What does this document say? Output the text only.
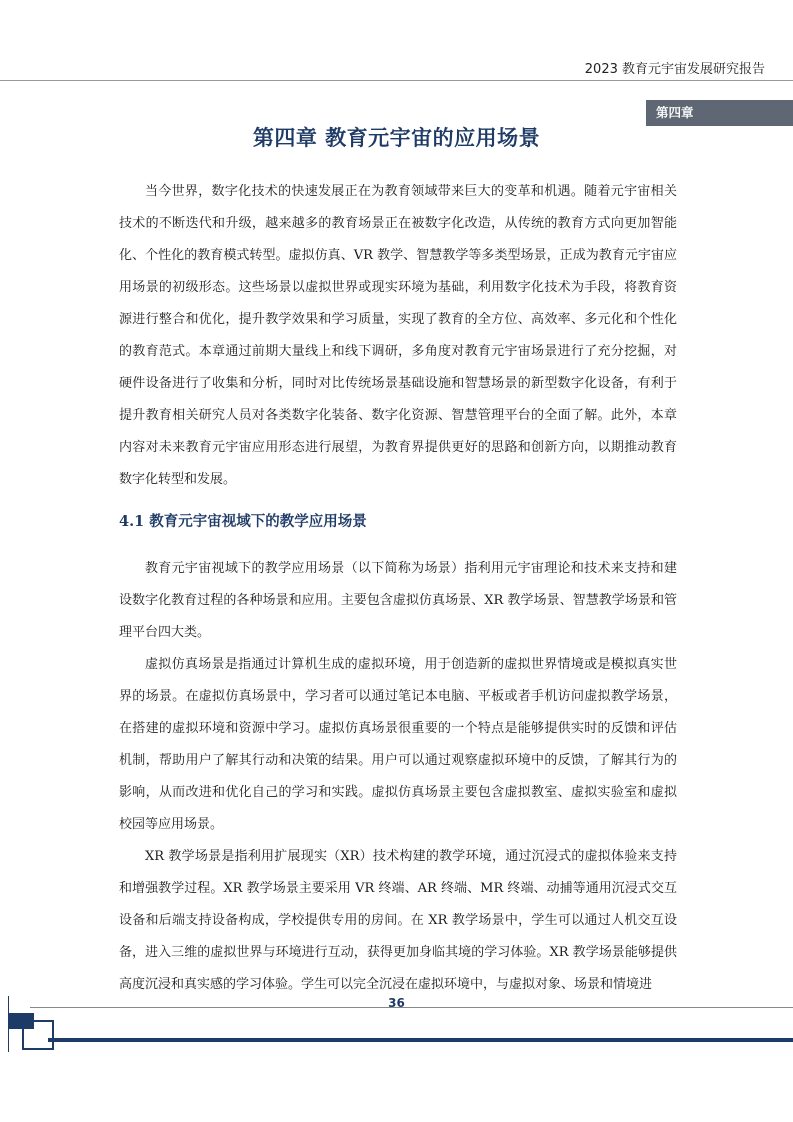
2023 教育元宇宙发展研究报告
第四章
第四章 教育元宇宙的应用场景

当今世界，数字化技术的快速发展正在为教育领域带来巨大的变革和机遇。随着元宇宙相关技术的不断迭代和升级，越来越多的教育场景正在被数字化改造，从传统的教育方式向更加智能化、个性化的教育模式转型。虚拟仿真、VR 教学、智慧教学等多类型场景，正成为教育元宇宙应用场景的初级形态。这些场景以虚拟世界或现实环境为基础，利用数字化技术为手段，将教育资源进行整合和优化，提升教学效果和学习质量，实现了教育的全方位、高效率、多元化和个性化的教育范式。本章通过前期大量线上和线下调研，多角度对教育元宇宙场景进行了充分挖掘，对硬件设备进行了收集和分析，同时对比传统场景基础设施和智慧场景的新型数字化设备，有利于提升教育相关研究人员对各类数字化装备、数字化资源、智慧管理平台的全面了解。此外，本章内容对未来教育元宇宙应用形态进行展望，为教育界提供更好的思路和创新方向，以期推动教育数字化转型和发展。

4.1 教育元宇宙视域下的教学应用场景

教育元宇宙视域下的教学应用场景（以下简称为场景）指利用元宇宙理论和技术来支持和建设数字化教育过程的各种场景和应用。主要包含虚拟仿真场景、XR 教学场景、智慧教学场景和管理平台四大类。

虚拟仿真场景是指通过计算机生成的虚拟环境，用于创造新的虚拟世界情境或是模拟真实世界的场景。在虚拟仿真场景中，学习者可以通过笔记本电脑、平板或者手机访问虚拟教学场景，在搭建的虚拟环境和资源中学习。虚拟仿真场景很重要的一个特点是能够提供实时的反馈和评估机制，帮助用户了解其行动和决策的结果。用户可以通过观察虚拟环境中的反馈，了解其行为的影响，从而改进和优化自己的学习和实践。虚拟仿真场景主要包含虚拟教室、虚拟实验室和虚拟校园等应用场景。

XR 教学场景是指利用扩展现实（XR）技术构建的教学环境，通过沉浸式的虚拟体验来支持和增强教学过程。XR 教学场景主要采用 VR 终端、AR 终端、MR 终端、动捕等通用沉浸式交互设备和后端支持设备构成，学校提供专用的房间。在 XR 教学场景中，学生可以通过人机交互设备，进入三维的虚拟世界与环境进行互动，获得更加身临其境的学习体验。XR 教学场景能够提供高度沉浸和真实感的学习体验。学生可以完全沉浸在虚拟环境中，与虚拟对象、场景和情境进

36
